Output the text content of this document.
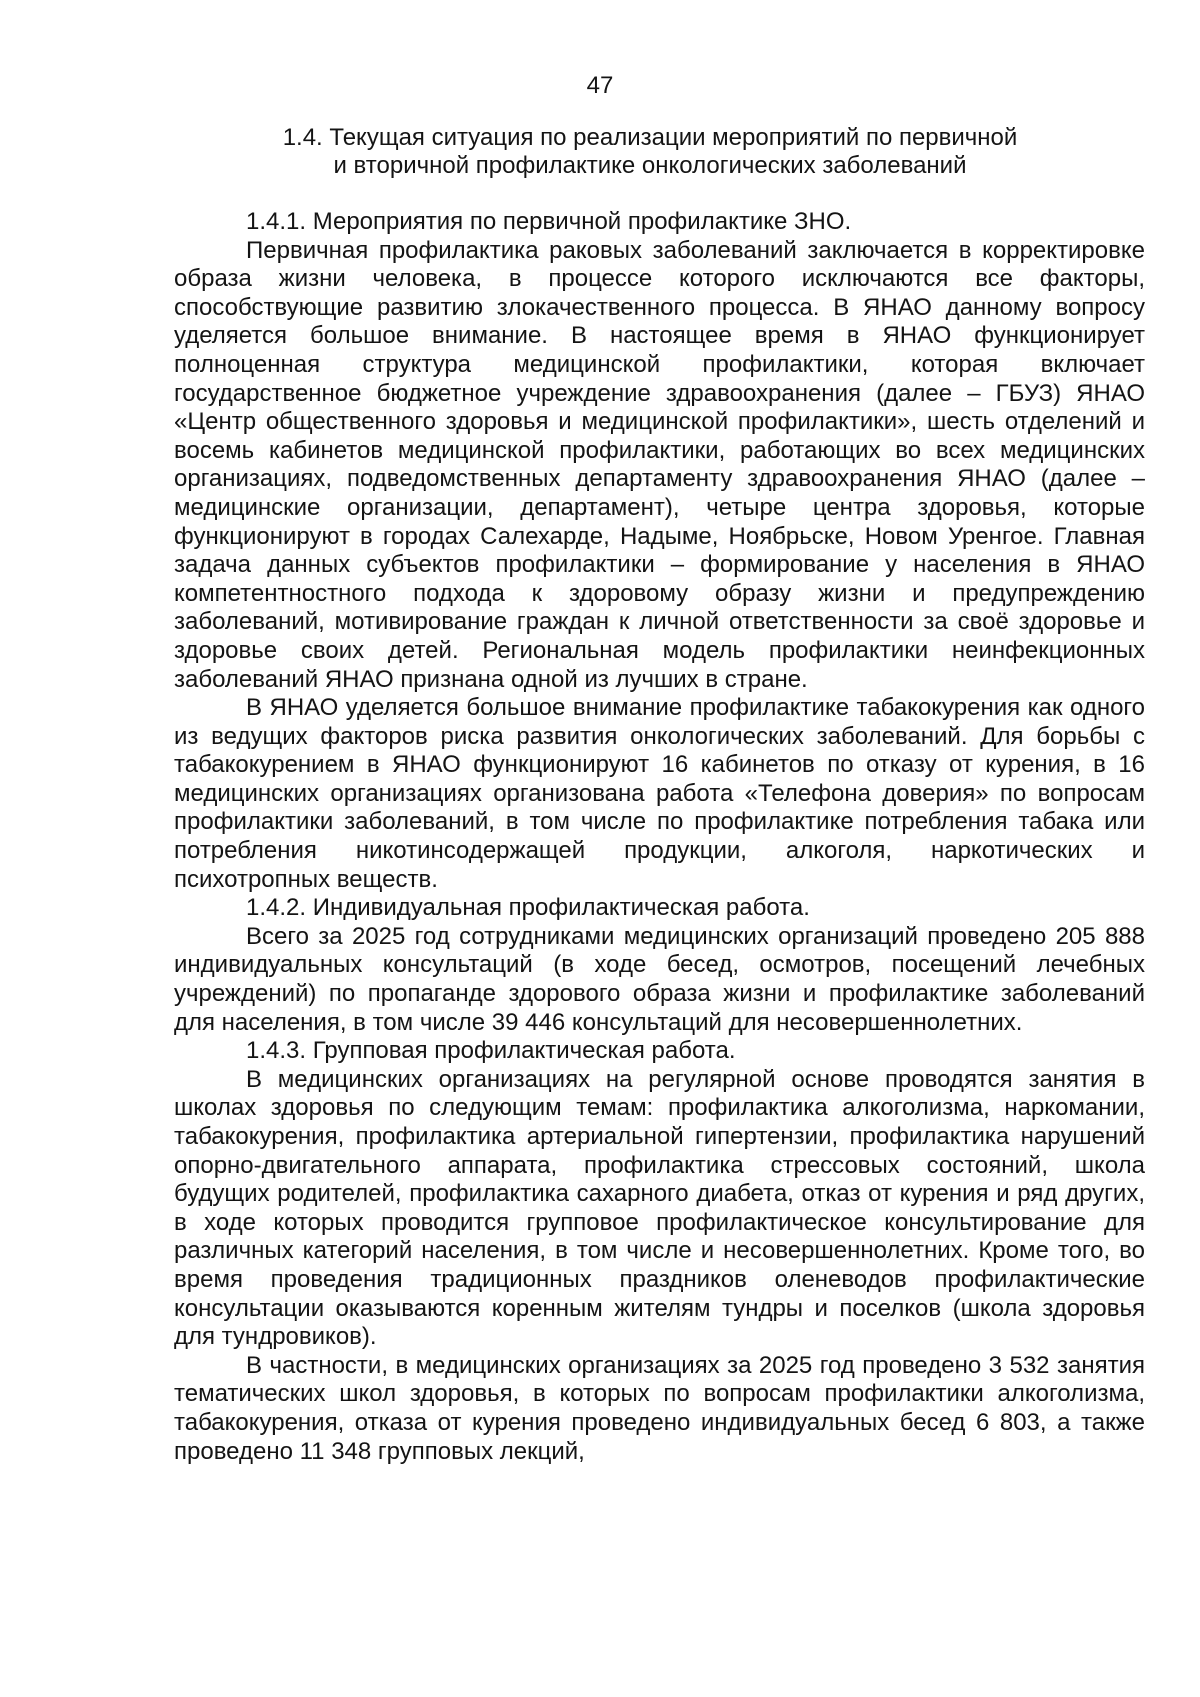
47
1.4. Текущая ситуация по реализации мероприятий по первичной
и вторичной профилактике онкологических заболеваний

1.4.1. Мероприятия по первичной профилактике ЗНО.

Первичная профилактика раковых заболеваний заключается в корректировке образа жизни человека, в процессе которого исключаются все факторы, способствующие развитию злокачественного процесса. В ЯНАО данному вопросу уделяется большое внимание. В настоящее время в ЯНАО функционирует полноценная структура медицинской профилактики, которая включает государственное бюджетное учреждение здравоохранения (далее – ГБУЗ) ЯНАО «Центр общественного здоровья и медицинской профилактики», шесть отделений и восемь кабинетов медицинской профилактики, работающих во всех медицинских организациях, подведомственных департаменту здравоохранения ЯНАО (далее – медицинские организации, департамент), четыре центра здоровья, которые функционируют в городах Салехарде, Надыме, Ноябрьске, Новом Уренгое. Главная задача данных субъектов профилактики – формирование у населения в ЯНАО компетентностного подхода к здоровому образу жизни и предупреждению заболеваний, мотивирование граждан к личной ответственности за своё здоровье и здоровье своих детей. Региональная модель профилактики неинфекционных заболеваний ЯНАО признана одной из лучших в стране.

В ЯНАО уделяется большое внимание профилактике табакокурения как одного из ведущих факторов риска развития онкологических заболеваний. Для борьбы с табакокурением в ЯНАО функционируют 16 кабинетов по отказу от курения, в 16 медицинских организациях организована работа «Телефона доверия» по вопросам профилактики заболеваний, в том числе по профилактике потребления табака или потребления никотинсодержащей продукции, алкоголя, наркотических и психотропных веществ.

1.4.2. Индивидуальная профилактическая работа.

Всего за 2025 год сотрудниками медицинских организаций проведено 205 888 индивидуальных консультаций (в ходе бесед, осмотров, посещений лечебных учреждений) по пропаганде здорового образа жизни и профилактике заболеваний для населения, в том числе 39 446 консультаций для несовершеннолетних.

1.4.3. Групповая профилактическая работа.

В медицинских организациях на регулярной основе проводятся занятия в школах здоровья по следующим темам: профилактика алкоголизма, наркомании, табакокурения, профилактика артериальной гипертензии, профилактика нарушений опорно-двигательного аппарата, профилактика стрессовых состояний, школа будущих родителей, профилактика сахарного диабета, отказ от курения и ряд других, в ходе которых проводится групповое профилактическое консультирование для различных категорий населения, в том числе и несовершеннолетних. Кроме того, во время проведения традиционных праздников оленеводов профилактические консультации оказываются коренным жителям тундры и поселков (школа здоровья для тундровиков).

В частности, в медицинских организациях за 2025 год проведено 3 532 занятия тематических школ здоровья, в которых по вопросам профилактики алкоголизма, табакокурения, отказа от курения проведено индивидуальных бесед 6 803, а также проведено 11 348 групповых лекций,
